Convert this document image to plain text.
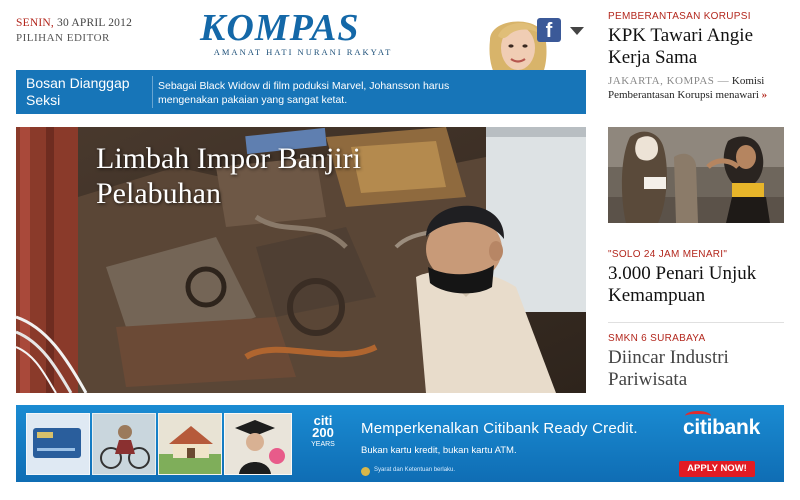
SENIN, 30 APRIL 2012
PILIHAN EDITOR KOMPAS
AMANAT HATI NURANI RAKYAT
f
Bosan Dianggap Seksi
Sebagai Black Widow di film poduksi Marvel, Johansson harus mengenakan pakaian yang sangat ketat.
Limbah Impor Banjiri Pelabuhan
PEMBERANTASAN KORUPSI
KPK Tawari Angie Kerja Sama
JAKARTA, KOMPAS — Komisi Pemberantasan Korupsi menawari »
"SOLO 24 JAM MENARI"
3.000 Penari Unjuk Kemampuan
SMKN 6 SURABAYA
Diincar Industri Pariwisata
citi
200
YEARS
Memperkenalkan Citibank Ready Credit.
Bukan kartu kredit, bukan kartu ATM.
Syarat dan Ketentuan berlaku.
citibank
APPLY NOW!
